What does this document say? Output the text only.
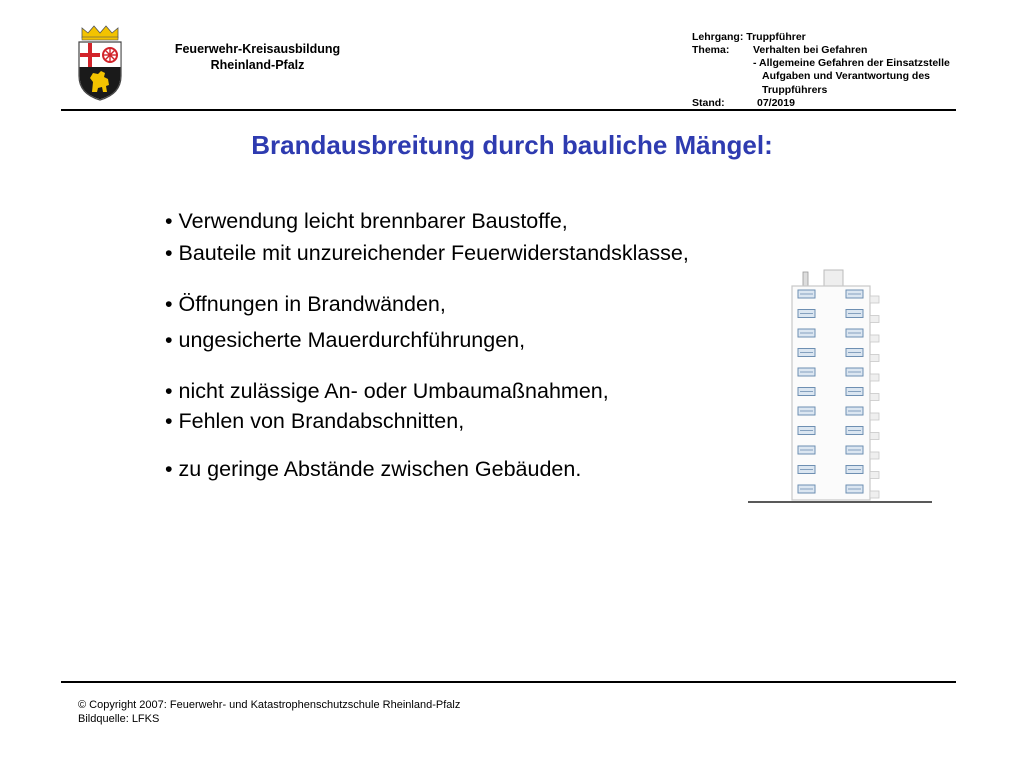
Feuerwehr-Kreisausbildung
Rheinland-Pfalz
Lehrgang: Truppführer
Thema: Verhalten bei Gefahren
- Allgemeine Gefahren der Einsatzstelle
Aufgaben und Verantwortung des
Truppführers
Stand:	07/2019
Brandausbreitung durch bauliche Mängel:
• Verwendung leicht brennbarer Baustoffe,
• Bauteile mit unzureichender Feuerwiderstandsklasse,
• Öffnungen in Brandwänden,
• ungesicherte Mauerdurchführungen,
• nicht zulässige An- oder Umbaumaßnahmen,
• Fehlen von Brandabschnitten,
• zu geringe Abstände zwischen Gebäuden.
© Copyright 2007: Feuerwehr- und Katastrophenschutzschule Rheinland-Pfalz
Bildquelle: LFKS
